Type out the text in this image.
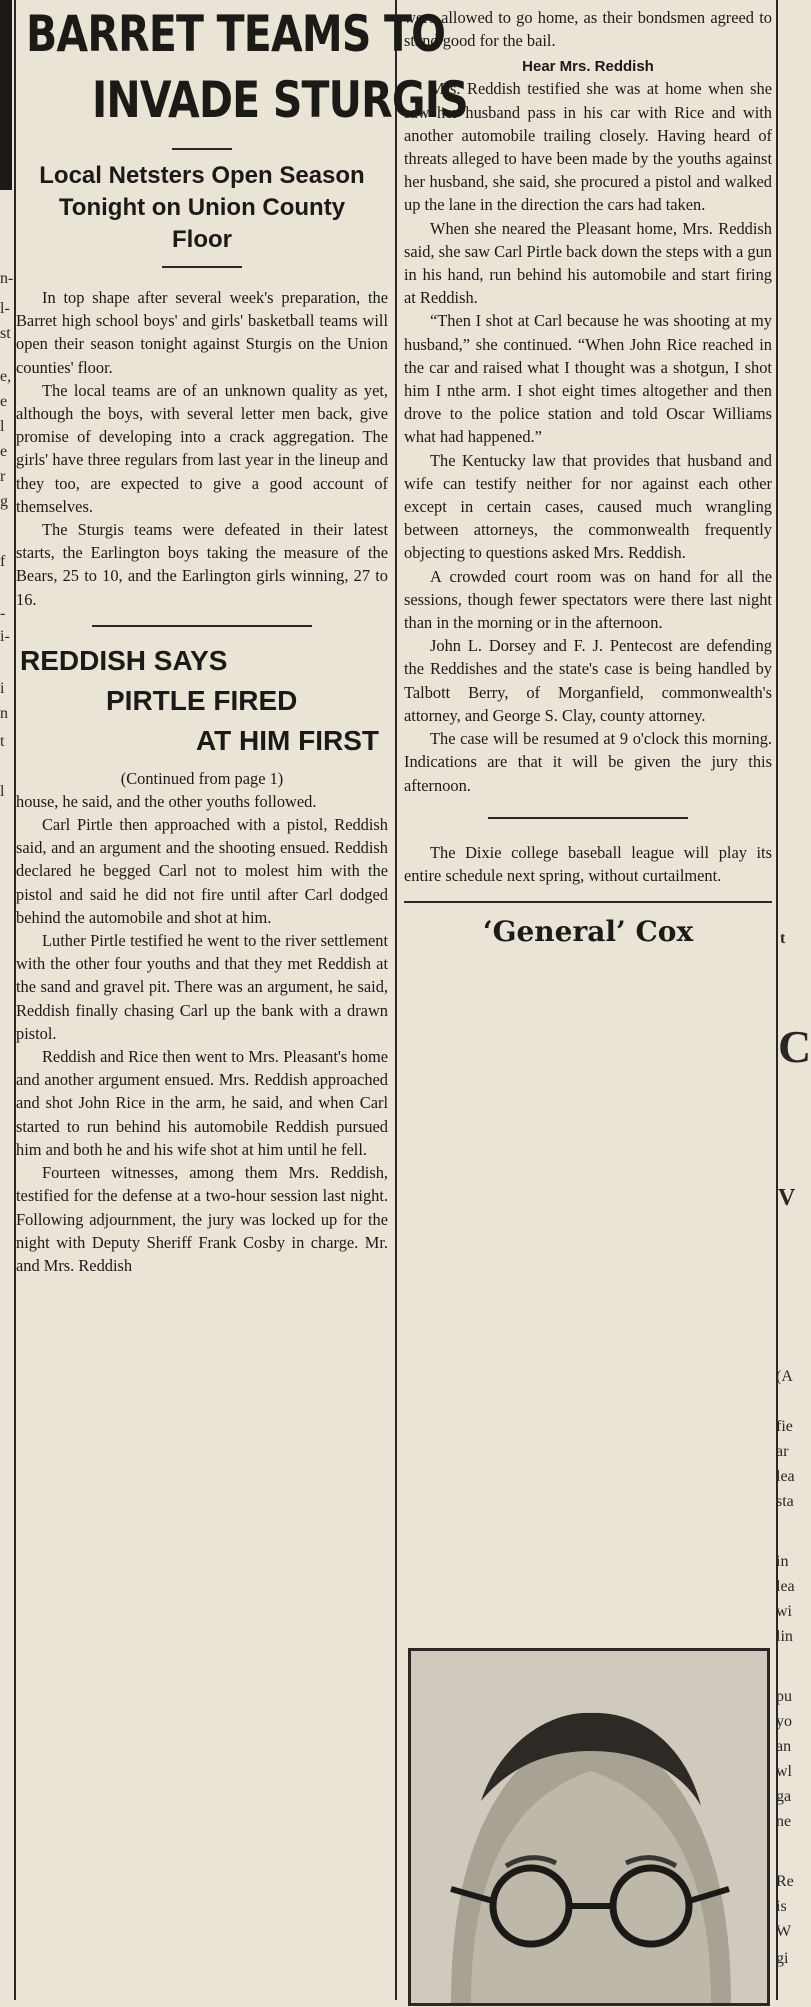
n-
l-
st
e,
e
l
e
r
g
f
-
i-
i
n
t
l
t
C
V
(A
fie
ar
lea
sta
in
lea
wi
lin
pu
yo
an
wl
ga
ne
Re
is
W
gi
BARRET TEAMS TO
INVADE STURGIS
Local Netsters Open Season
Tonight on Union County
Floor

In top shape after several week's preparation, the Barret high school boys' and girls' basketball teams will open their season tonight against Sturgis on the Union counties' floor.

The local teams are of an unknown quality as yet, although the boys, with several letter men back, give promise of developing into a crack aggregation. The girls' have three regulars from last year in the lineup and they too, are expected to give a good account of themselves.

The Sturgis teams were defeated in their latest starts, the Earlington boys taking the measure of the Bears, 25 to 10, and the Earlington girls winning, 27 to 16.

REDDISH SAYS
PIRTLE FIRED
AT HIM FIRST
(Continued from page 1)

house, he said, and the other youths followed.

Carl Pirtle then approached with a pistol, Reddish said, and an argument and the shooting ensued. Reddish declared he begged Carl not to molest him with the pistol and said he did not fire until after Carl dodged behind the automobile and shot at him.

Luther Pirtle testified he went to the river settlement with the other four youths and that they met Reddish at the sand and gravel pit. There was an argument, he said, Reddish finally chasing Carl up the bank with a drawn pistol.

Reddish and Rice then went to Mrs. Pleasant's home and another argument ensued. Mrs. Reddish approached and shot John Rice in the arm, he said, and when Carl started to run behind his automobile Reddish pursued him and both he and his wife shot at him until he fell.

Fourteen witnesses, among them Mrs. Reddish, testified for the defense at a two-hour session last night. Following adjournment, the jury was locked up for the night with Deputy Sheriff Frank Cosby in charge. Mr. and Mrs. Reddish

were allowed to go home, as their bondsmen agreed to stand good for the bail.

Hear Mrs. Reddish

Mrs. Reddish testified she was at home when she saw her husband pass in his car with Rice and with another automobile trailing closely. Having heard of threats alleged to have been made by the youths against her husband, she said, she procured a pistol and walked up the lane in the direction the cars had taken.

When she neared the Pleasant home, Mrs. Reddish said, she saw Carl Pirtle back down the steps with a gun in his hand, run behind his automobile and start firing at Reddish.

“Then I shot at Carl because he was shooting at my husband,” she continued. “When John Rice reached in the car and raised what I thought was a shotgun, I shot him I nthe arm. I shot eight times altogether and then drove to the police station and told Oscar Williams what had happened.”

The Kentucky law that provides that husband and wife can testify neither for nor against each other except in certain cases, caused much wrangling between attorneys, the commonwealth frequently objecting to questions asked Mrs. Reddish.

A crowded court room was on hand for all the sessions, though fewer spectators were there last night than in the morning or in the afternoon.

John L. Dorsey and F. J. Pentecost are defending the Reddishes and the state's case is being handled by Talbott Berry, of Morganfield, commonwealth's attorney, and George S. Clay, county attorney.

The case will be resumed at 9 o'clock this morning. Indications are that it will be given the jury this afternoon.

The Dixie college baseball league will play its entire schedule next spring, without curtailment.

‘General’ Cox
